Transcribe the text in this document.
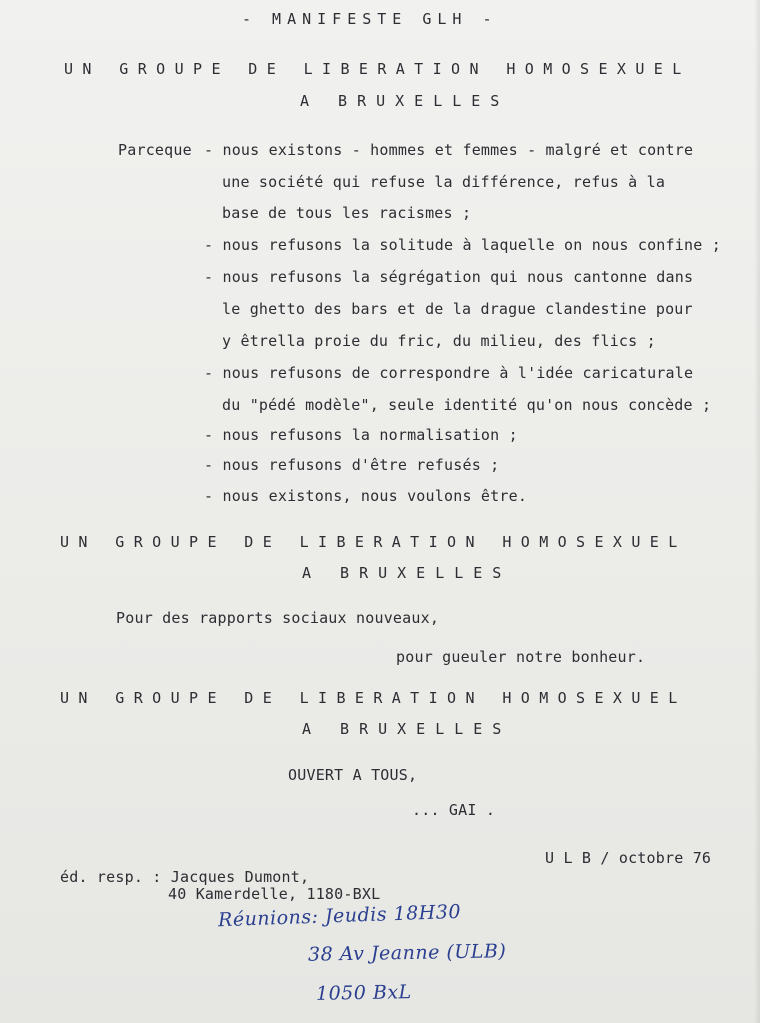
- MANIFESTE GLH -
UN GROUPE DE LIBERATION HOMOSEXUEL
A BRUXELLES
Parceque - nous existons - hommes et femmes - malgré et contre
une société qui refuse la différence, refus à la
base de tous les racismes ;
- nous refusons la solitude à laquelle on nous confine ;
- nous refusons la ségrégation qui nous cantonne dans
le ghetto des bars et de la drague clandestine pour
y êtrella proie du fric, du milieu, des flics ;
- nous refusons de correspondre à l'idée caricaturale
du "pédé modèle", seule identité qu'on nous concède ;
- nous refusons la normalisation ;
- nous refusons d'être refusés ;
- nous existons, nous voulons être.
UN GROUPE DE LIBERATION HOMOSEXUEL
A BRUXELLES
Pour des rapports sociaux nouveaux,
pour gueuler notre bonheur.
UN GROUPE DE LIBERATION HOMOSEXUEL
A BRUXELLES
OUVERT A TOUS,
... GAI .
U L B / octobre 76
éd. resp. : Jacques Dumont,
40 Kamerdelle, 1180-BXL
Réunions: Jeudis 18H30
38 Av Jeanne (ULB)
1050 BxL
